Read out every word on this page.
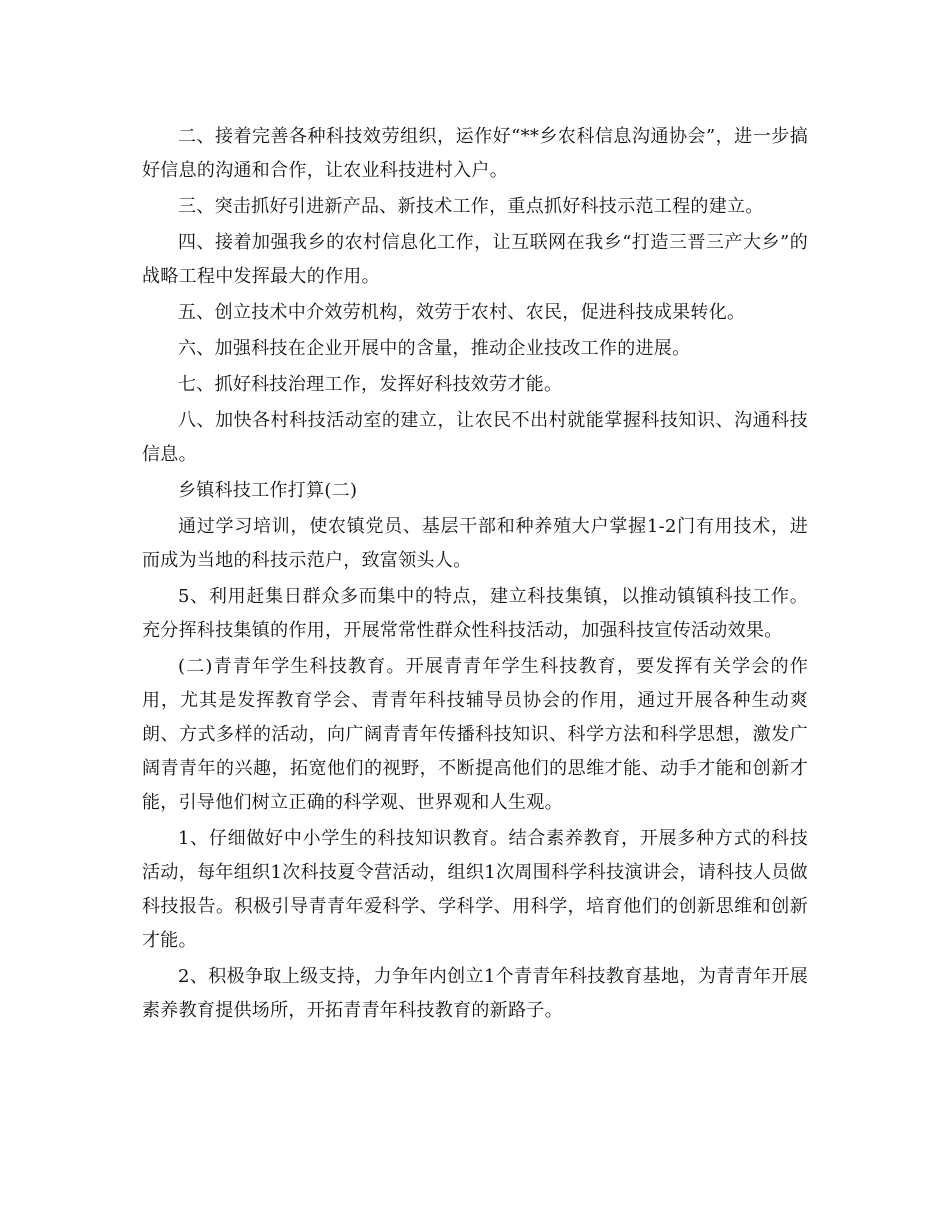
二、接着完善各种科技效劳组织，运作好“**乡农科信息沟通协会”，进一步搞好信息的沟通和合作，让农业科技进村入户。

三、突击抓好引进新产品、新技术工作，重点抓好科技示范工程的建立。

四、接着加强我乡的农村信息化工作，让互联网在我乡“打造三晋三产大乡”的战略工程中发挥最大的作用。

五、创立技术中介效劳机构，效劳于农村、农民，促进科技成果转化。

六、加强科技在企业开展中的含量，推动企业技改工作的进展。

七、抓好科技治理工作，发挥好科技效劳才能。

八、加快各村科技活动室的建立，让农民不出村就能掌握科技知识、沟通科技信息。

乡镇科技工作打算(二)

通过学习培训，使农镇党员、基层干部和种养殖大户掌握1-2门有用技术，进而成为当地的科技示范户，致富领头人。

5、利用赶集日群众多而集中的特点，建立科技集镇，以推动镇镇科技工作。充分挥科技集镇的作用，开展常常性群众性科技活动，加强科技宣传活动效果。

(二)青青年学生科技教育。开展青青年学生科技教育，要发挥有关学会的作用，尤其是发挥教育学会、青青年科技辅导员协会的作用，通过开展各种生动爽朗、方式多样的活动，向广阔青青年传播科技知识、科学方法和科学思想，激发广阔青青年的兴趣，拓宽他们的视野，不断提高他们的思维才能、动手才能和创新才能，引导他们树立正确的科学观、世界观和人生观。

1、仔细做好中小学生的科技知识教育。结合素养教育，开展多种方式的科技活动，每年组织1次科技夏令营活动，组织1次周围科学科技演讲会，请科技人员做科技报告。积极引导青青年爱科学、学科学、用科学，培育他们的创新思维和创新才能。

2、积极争取上级支持，力争年内创立1个青青年科技教育基地，为青青年开展素养教育提供场所，开拓青青年科技教育的新路子。
